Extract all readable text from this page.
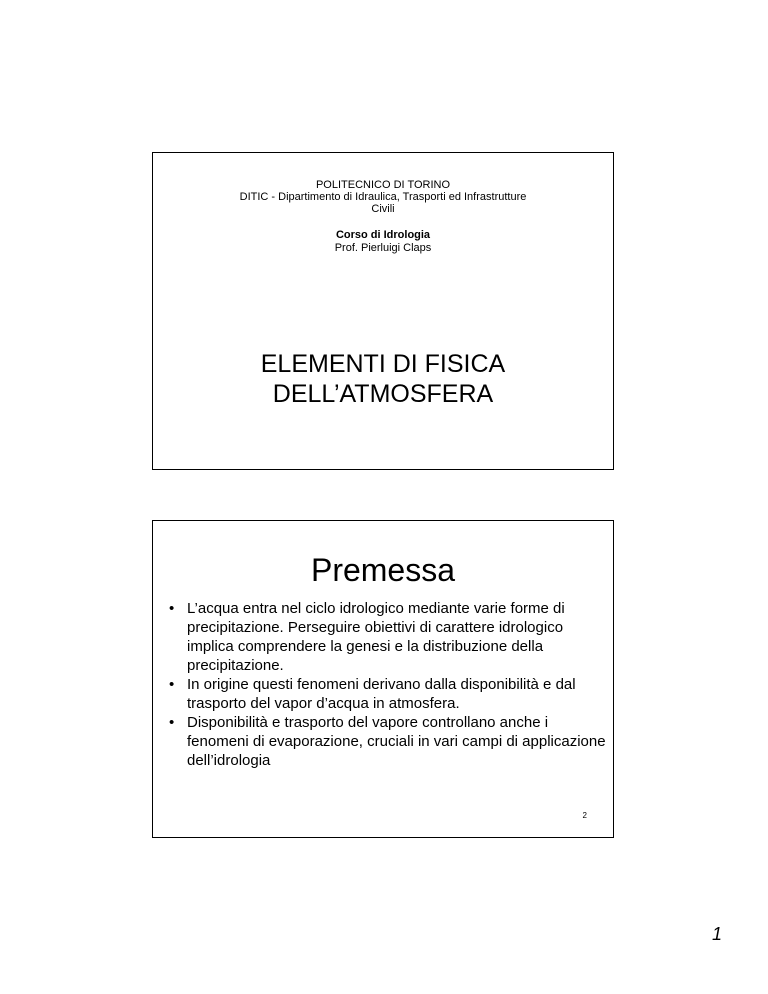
POLITECNICO DI TORINO
DITIC - Dipartimento di Idraulica, Trasporti ed Infrastrutture
Civili
Corso di Idrologia
Prof. Pierluigi Claps
ELEMENTI DI FISICA
DELL’ATMOSFERA
Premessa
• L’acqua entra nel ciclo idrologico mediante varie forme di precipitazione. Perseguire obiettivi di carattere idrologico implica comprendere la genesi e la distribuzione della precipitazione.
• In origine questi fenomeni derivano dalla disponibilità e dal trasporto del vapor d’acqua in atmosfera.
• Disponibilità e trasporto del vapore controllano anche i fenomeni di evaporazione, cruciali in vari campi di applicazione dell’idrologia
2
1
